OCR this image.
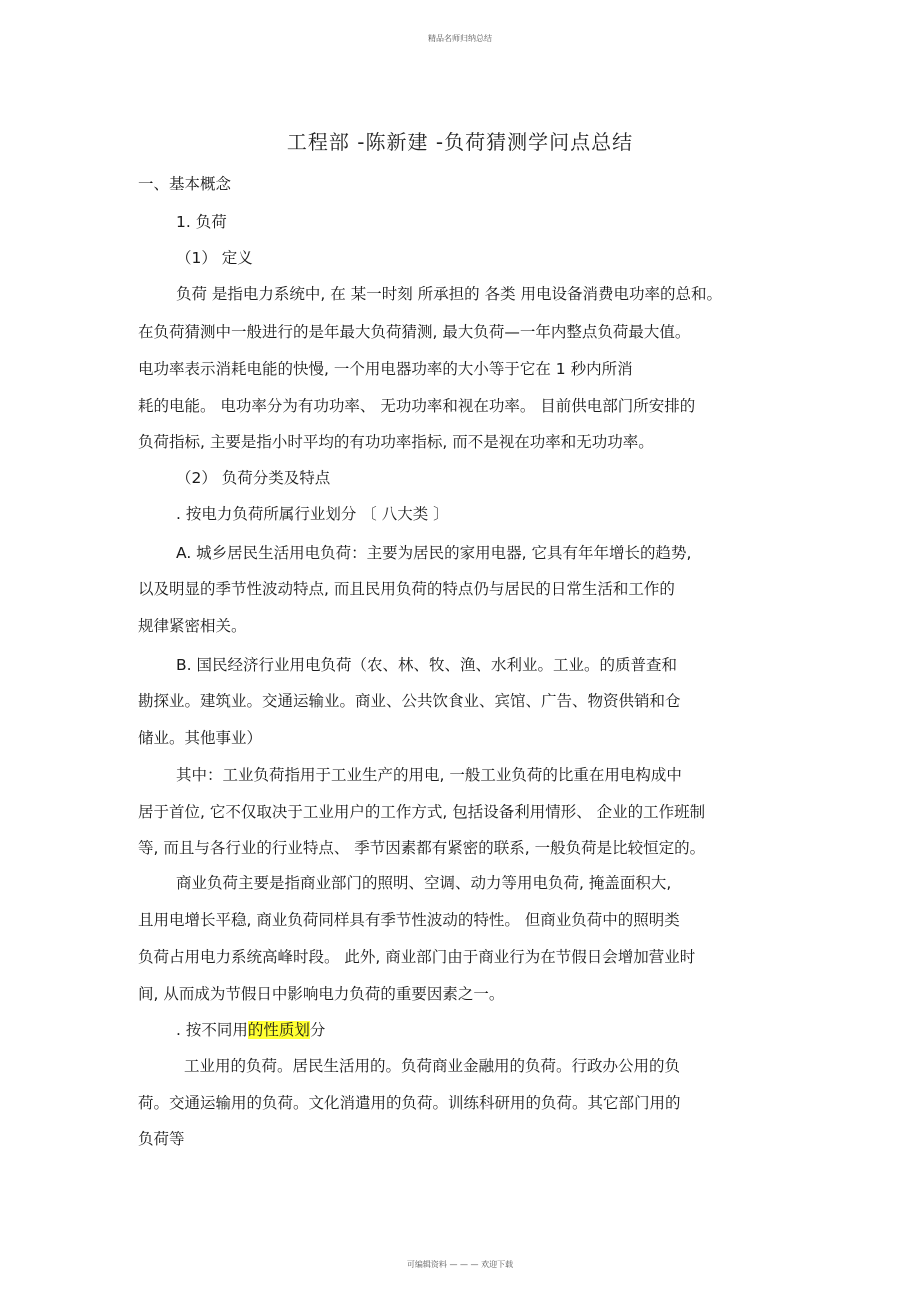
精品名师归纳总结
工程部 -陈新建 -负荷猜测学问点总结
一、基本概念
1. 负荷
（1） 定义
负荷 是指电力系统中, 在 某一时刻 所承担的 各类 用电设备消费电功率的总和。
在负荷猜测中一般进行的是年最大负荷猜测, 最大负荷—一年内整点负荷最大值。
电功率表示消耗电能的快慢, 一个用电器功率的大小等于它在 1 秒内所消
耗的电能。 电功率分为有功功率、 无功功率和视在功率。 目前供电部门所安排的
负荷指标, 主要是指小时平均的有功功率指标, 而不是视在功率和无功功率。
（2） 负荷分类及特点
. 按电力负荷所属行业划分 〔 八大类 〕
A. 城乡居民生活用电负荷：主要为居民的家用电器, 它具有年年增长的趋势,
以及明显的季节性波动特点, 而且民用负荷的特点仍与居民的日常生活和工作的
规律紧密相关。
B. 国民经济行业用电负荷（农、林、牧、渔、水利业。工业。的质普查和
勘探业。建筑业。交通运输业。商业、公共饮食业、宾馆、广告、物资供销和仓
储业。其他事业）
其中：工业负荷指用于工业生产的用电, 一般工业负荷的比重在用电构成中
居于首位, 它不仅取决于工业用户的工作方式, 包括设备利用情形、 企业的工作班制
等, 而且与各行业的行业特点、 季节因素都有紧密的联系, 一般负荷是比较恒定的。
商业负荷主要是指商业部门的照明、空调、动力等用电负荷, 掩盖面积大,
且用电增长平稳, 商业负荷同样具有季节性波动的特性。 但商业负荷中的照明类
负荷占用电力系统高峰时段。 此外, 商业部门由于商业行为在节假日会增加营业时
间, 从而成为节假日中影响电力负荷的重要因素之一。
. 按不同用的性质划分
工业用的负荷。居民生活用的。负荷商业金融用的负荷。行政办公用的负
荷。交通运输用的负荷。文化消遣用的负荷。训练科研用的负荷。其它部门用的
负荷等
可编辑资料 — — — 欢迎下载
